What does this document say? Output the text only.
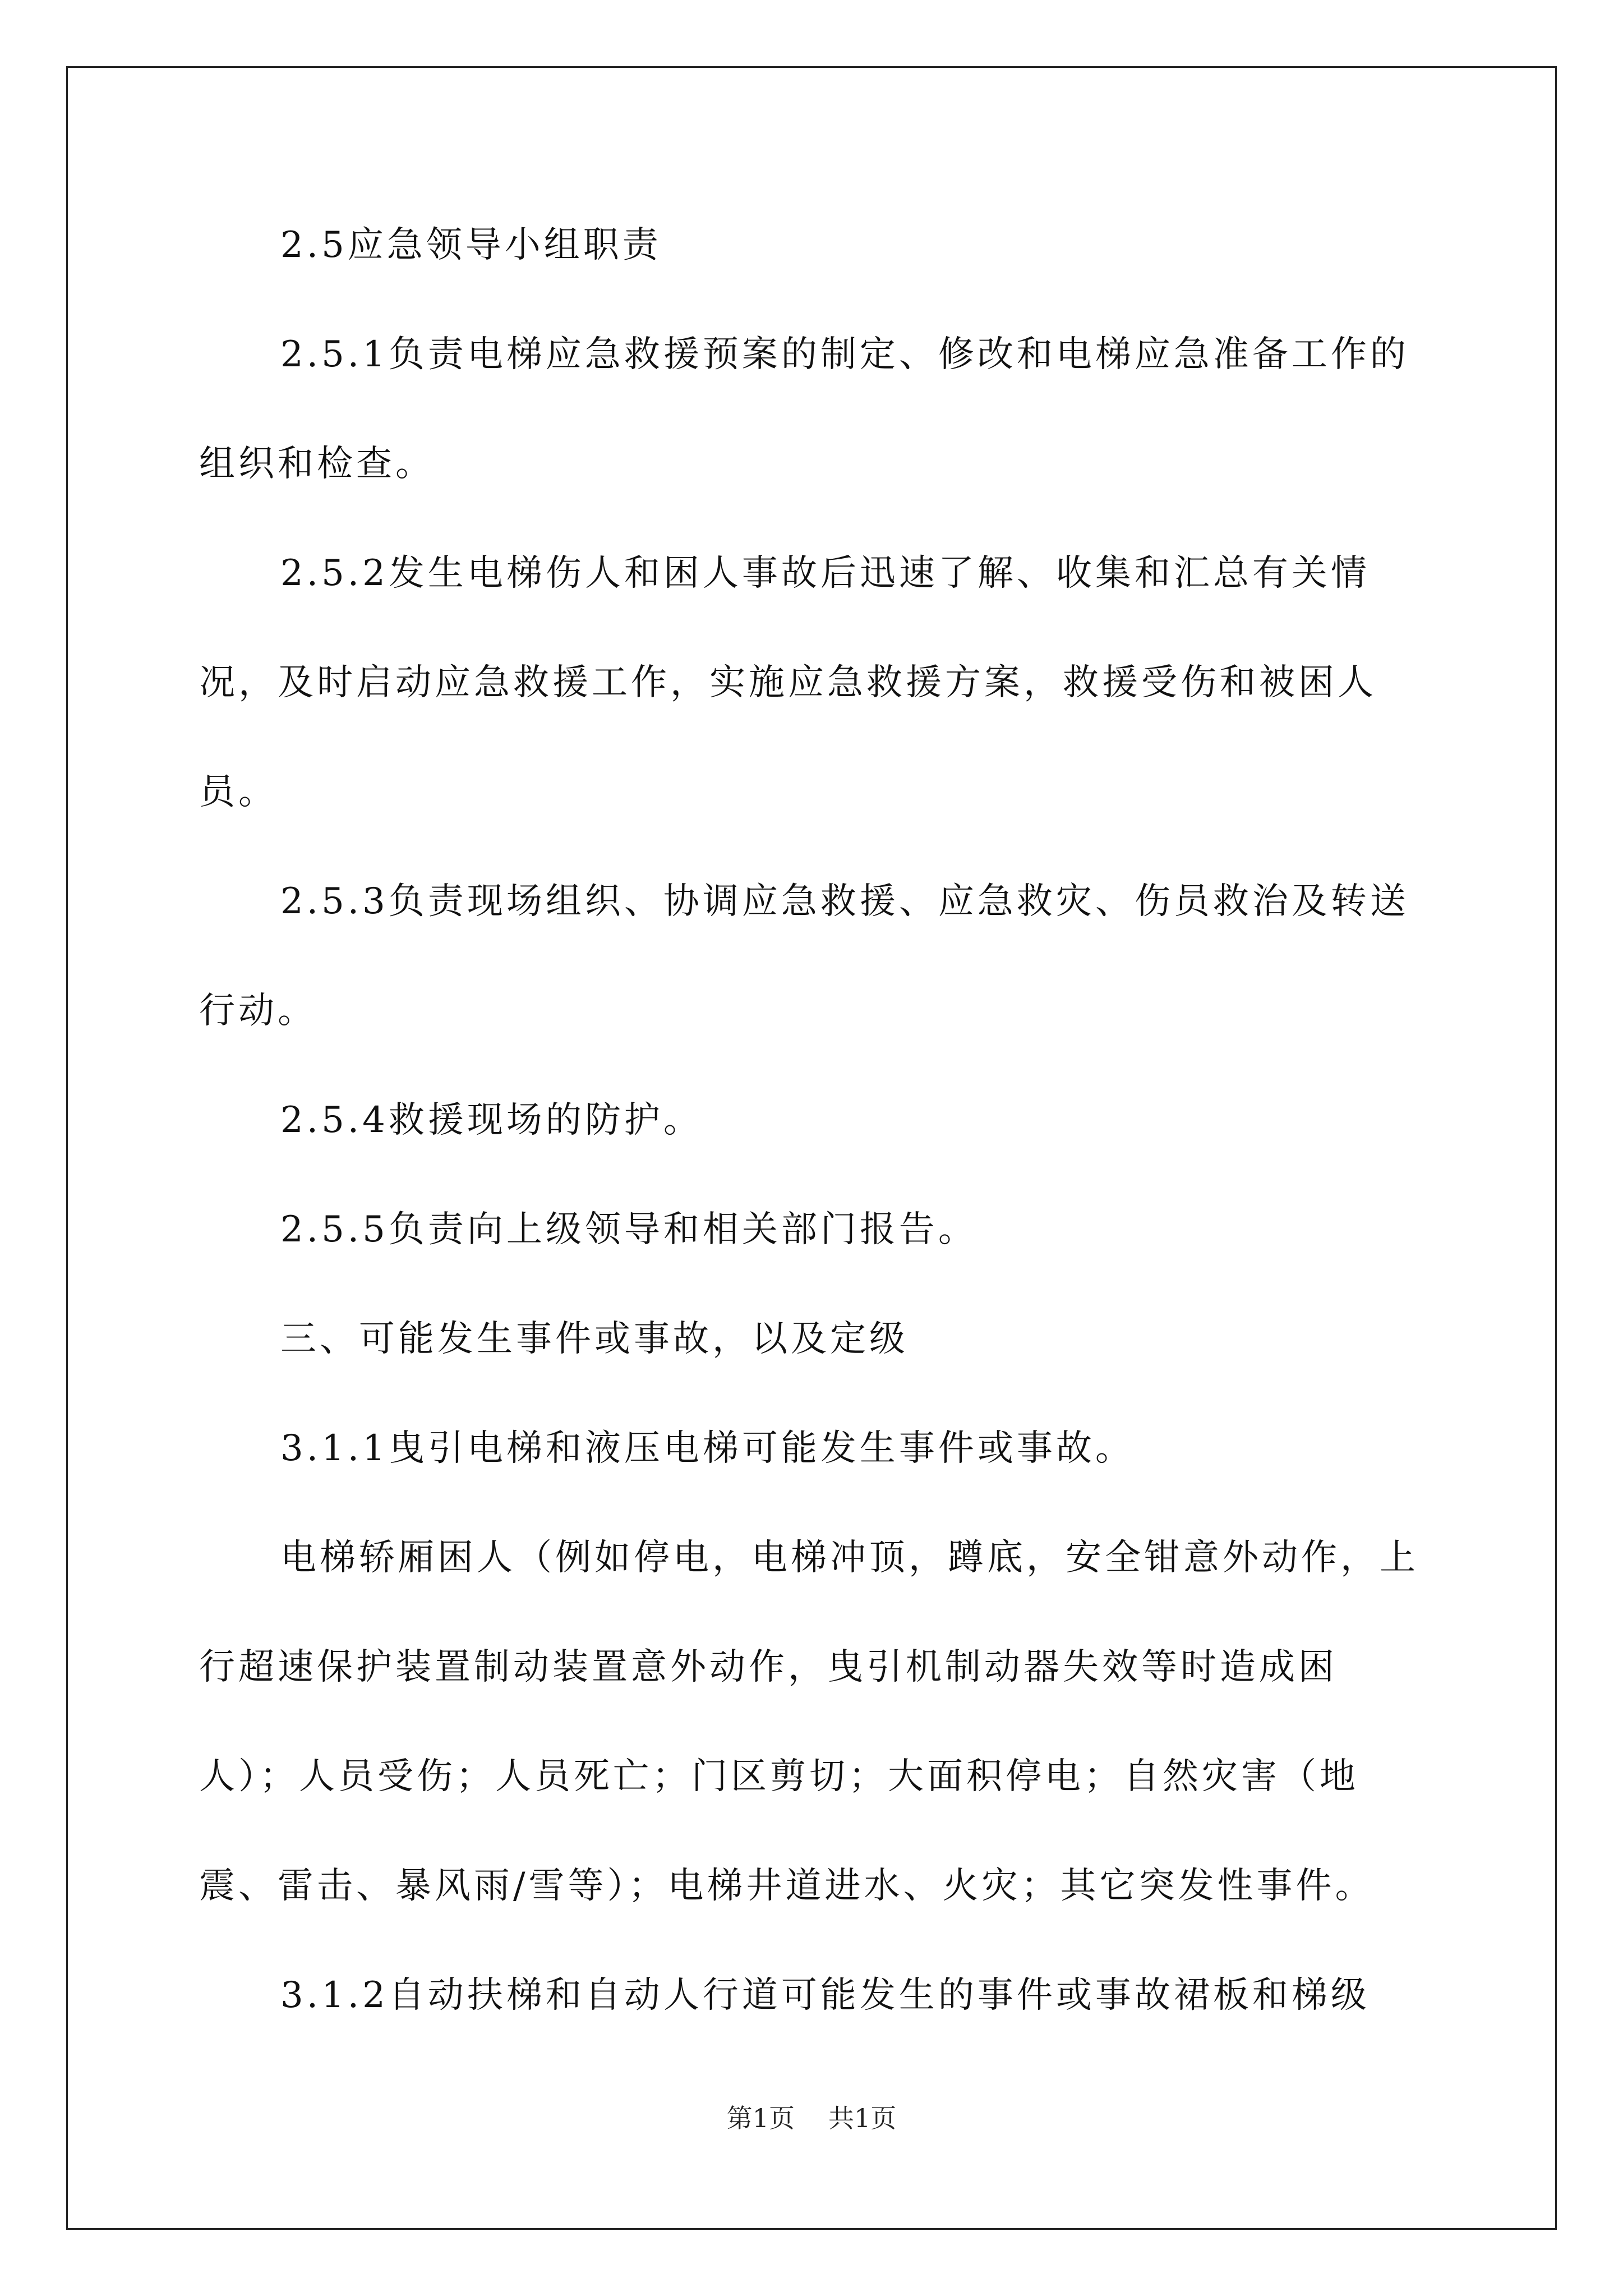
2.5应急领导小组职责

2.5.1负责电梯应急救援预案的制定、修改和电梯应急准备工作的组织和检查。

2.5.2发生电梯伤人和困人事故后迅速了解、收集和汇总有关情况，及时启动应急救援工作，实施应急救援方案，救援受伤和被困人员。

2.5.3负责现场组织、协调应急救援、应急救灾、伤员救治及转送行动。

2.5.4救援现场的防护。

2.5.5负责向上级领导和相关部门报告。

三、可能发生事件或事故，以及定级

3.1.1曳引电梯和液压电梯可能发生事件或事故。

电梯轿厢困人（例如停电，电梯冲顶，蹲底，安全钳意外动作，上行超速保护装置制动装置意外动作，曳引机制动器失效等时造成困人）；人员受伤；人员死亡；门区剪切；大面积停电；自然灾害（地震、雷击、暴风雨/雪等）；电梯井道进水、火灾；其它突发性事件。

3.1.2自动扶梯和自动人行道可能发生的事件或事故裙板和梯级

第1页 共1页
